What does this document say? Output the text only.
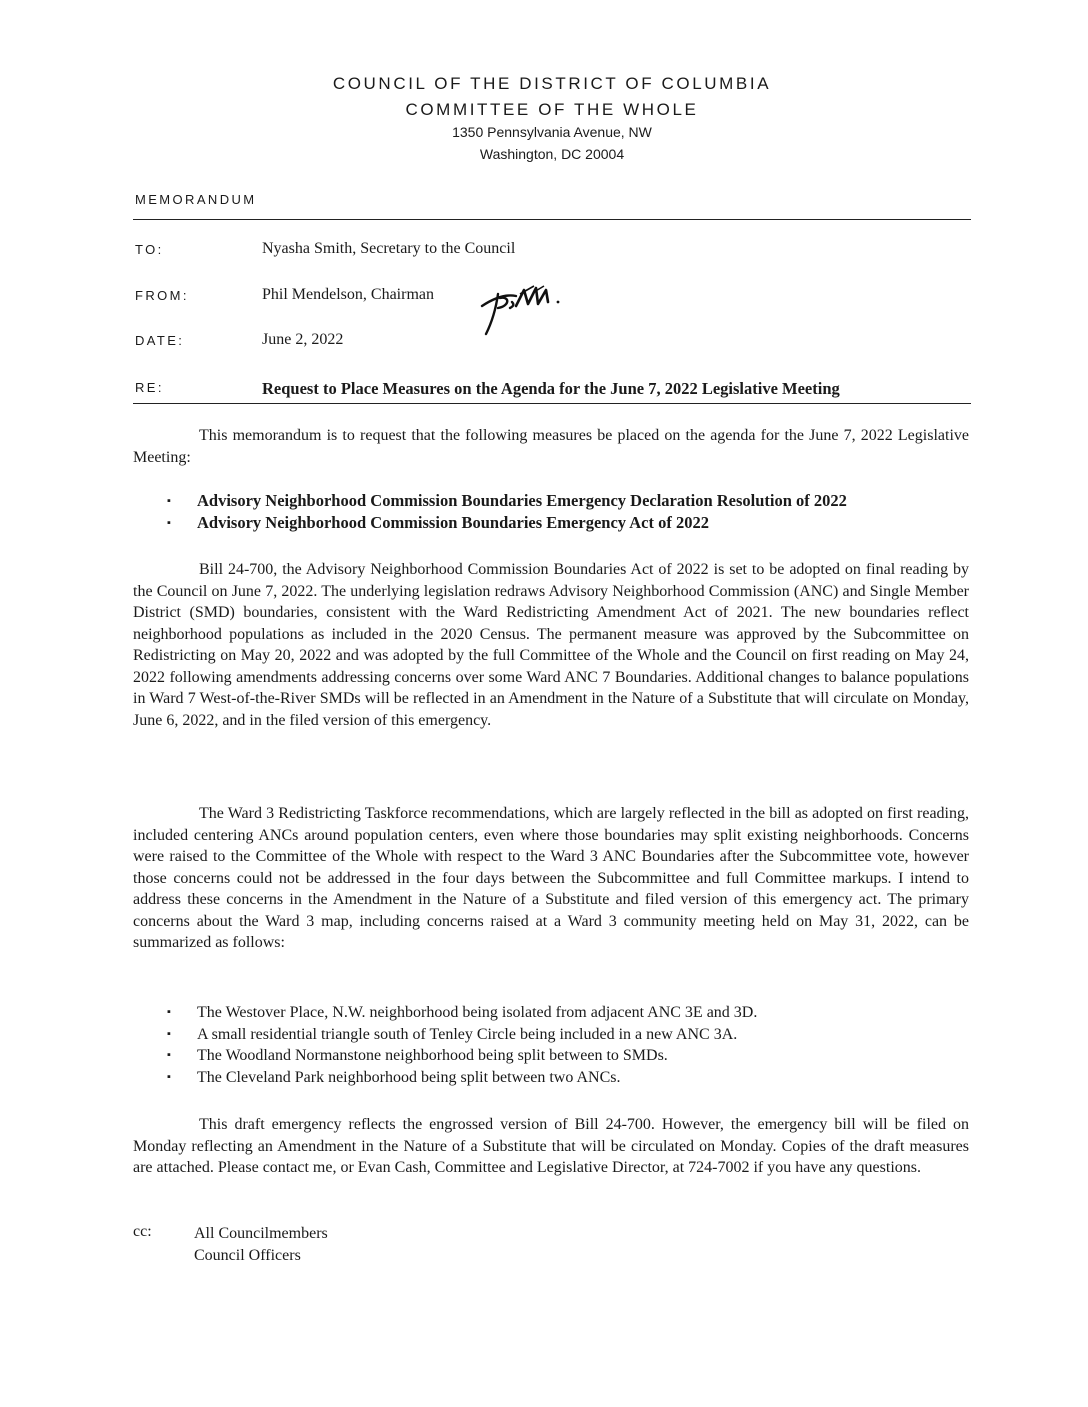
COUNCIL OF THE DISTRICT OF COLUMBIA
COMMITTEE OF THE WHOLE
1350 Pennsylvania Avenue, NW
Washington, DC 20004
MEMORANDUM
TO:	Nyasha Smith, Secretary to the Council
FROM:	Phil Mendelson, Chairman
DATE:	June 2, 2022
RE:	Request to Place Measures on the Agenda for the June 7, 2022 Legislative Meeting
This memorandum is to request that the following measures be placed on the agenda for the June 7, 2022 Legislative Meeting:
▪ Advisory Neighborhood Commission Boundaries Emergency Declaration Resolution of 2022
▪ Advisory Neighborhood Commission Boundaries Emergency Act of 2022
Bill 24-700, the Advisory Neighborhood Commission Boundaries Act of 2022 is set to be adopted on final reading by the Council on June 7, 2022. The underlying legislation redraws Advisory Neighborhood Commission (ANC) and Single Member District (SMD) boundaries, consistent with the Ward Redistricting Amendment Act of 2021. The new boundaries reflect neighborhood populations as included in the 2020 Census. The permanent measure was approved by the Subcommittee on Redistricting on May 20, 2022 and was adopted by the full Committee of the Whole and the Council on first reading on May 24, 2022 following amendments addressing concerns over some Ward ANC 7 Boundaries. Additional changes to balance populations in Ward 7 West-of-the-River SMDs will be reflected in an Amendment in the Nature of a Substitute that will circulate on Monday, June 6, 2022, and in the filed version of this emergency.
The Ward 3 Redistricting Taskforce recommendations, which are largely reflected in the bill as adopted on first reading, included centering ANCs around population centers, even where those boundaries may split existing neighborhoods. Concerns were raised to the Committee of the Whole with respect to the Ward 3 ANC Boundaries after the Subcommittee vote, however those concerns could not be addressed in the four days between the Subcommittee and full Committee markups. I intend to address these concerns in the Amendment in the Nature of a Substitute and filed version of this emergency act. The primary concerns about the Ward 3 map, including concerns raised at a Ward 3 community meeting held on May 31, 2022, can be summarized as follows:
▪ The Westover Place, N.W. neighborhood being isolated from adjacent ANC 3E and 3D.
▪ A small residential triangle south of Tenley Circle being included in a new ANC 3A.
▪ The Woodland Normanstone neighborhood being split between to SMDs.
▪ The Cleveland Park neighborhood being split between two ANCs.
This draft emergency reflects the engrossed version of Bill 24-700. However, the emergency bill will be filed on Monday reflecting an Amendment in the Nature of a Substitute that will be circulated on Monday. Copies of the draft measures are attached. Please contact me, or Evan Cash, Committee and Legislative Director, at 724-7002 if you have any questions.
cc:	All Councilmembers
Council Officers
